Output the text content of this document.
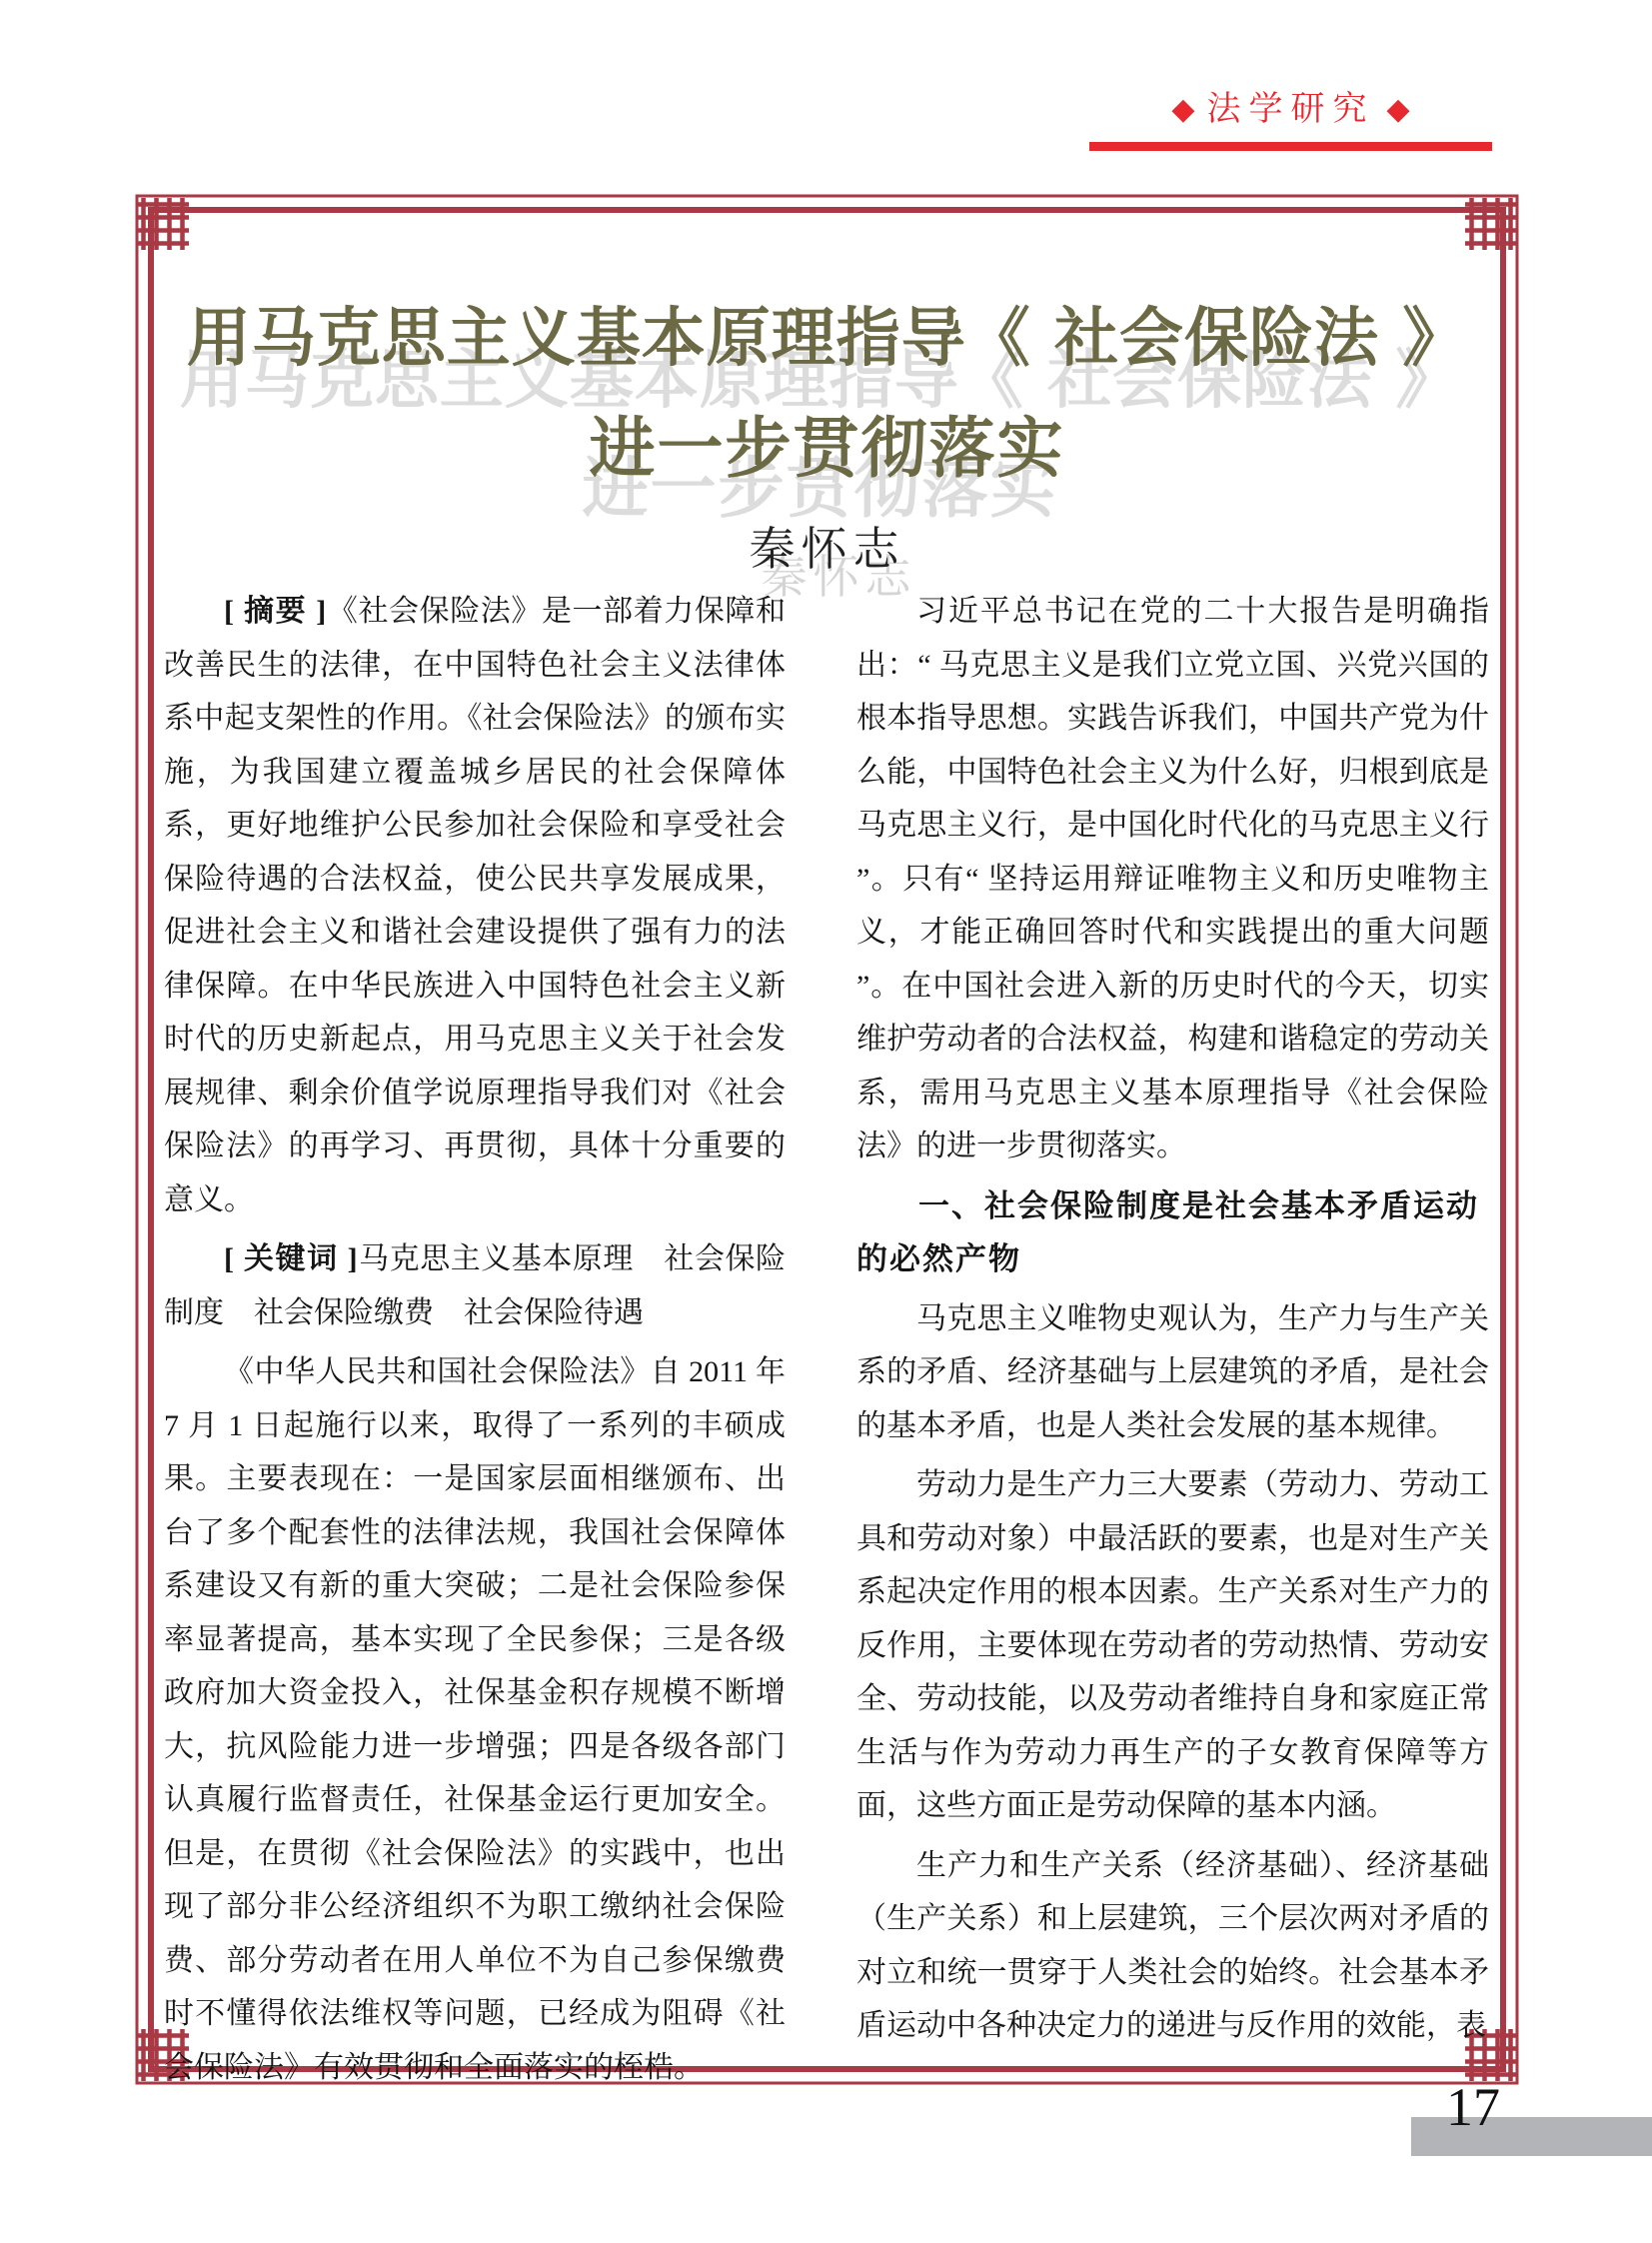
◆ 法学研究 ◆
用马克思主义基本原理指导《 社会保险法 》
进一步贯彻落实
秦怀志

[ 摘要 ]《社会保险法》是一部着力保障和改善民生的法律，在中国特色社会主义法律体系中起支架性的作用。《社会保险法》的颁布实施，为我国建立覆盖城乡居民的社会保障体系，更好地维护公民参加社会保险和享受社会保险待遇的合法权益，使公民共享发展成果，促进社会主义和谐社会建设提供了强有力的法律保障。在中华民族进入中国特色社会主义新时代的历史新起点，用马克思主义关于社会发展规律、剩余价值学说原理指导我们对《社会保险法》的再学习、再贯彻，具体十分重要的意义。

[ 关键词 ]马克思主义基本原理　社会保险制度　社会保险缴费　社会保险待遇

《中华人民共和国社会保险法》自 2011 年 7 月 1 日起施行以来，取得了一系列的丰硕成果。主要表现在：一是国家层面相继颁布、出台了多个配套性的法律法规，我国社会保障体系建设又有新的重大突破；二是社会保险参保率显著提高，基本实现了全民参保；三是各级政府加大资金投入，社保基金积存规模不断增大，抗风险能力进一步增强；四是各级各部门认真履行监督责任，社保基金运行更加安全。但是，在贯彻《社会保险法》的实践中，也出现了部分非公经济组织不为职工缴纳社会保险费、部分劳动者在用人单位不为自己参保缴费时不懂得依法维权等问题，已经成为阻碍《社会保险法》有效贯彻和全面落实的桎梏。

习近平总书记在党的二十大报告是明确指出：“ 马克思主义是我们立党立国、兴党兴国的根本指导思想。实践告诉我们，中国共产党为什么能，中国特色社会主义为什么好，归根到底是马克思主义行，是中国化时代化的马克思主义行 ”。只有“ 坚持运用辩证唯物主义和历史唯物主义，才能正确回答时代和实践提出的重大问题 ”。在中国社会进入新的历史时代的今天，切实维护劳动者的合法权益，构建和谐稳定的劳动关系，需用马克思主义基本原理指导《社会保险法》的进一步贯彻落实。

一、社会保险制度是社会基本矛盾运动的必然产物

马克思主义唯物史观认为，生产力与生产关系的矛盾、经济基础与上层建筑的矛盾，是社会的基本矛盾，也是人类社会发展的基本规律。

劳动力是生产力三大要素（劳动力、劳动工具和劳动对象）中最活跃的要素，也是对生产关系起决定作用的根本因素。生产关系对生产力的反作用，主要体现在劳动者的劳动热情、劳动安全、劳动技能，以及劳动者维持自身和家庭正常生活与作为劳动力再生产的子女教育保障等方面，这些方面正是劳动保障的基本内涵。

生产力和生产关系（经济基础）、经济基础（生产关系）和上层建筑，三个层次两对矛盾的对立和统一贯穿于人类社会的始终。社会基本矛盾运动中各种决定力的递进与反作用的效能，表

17
